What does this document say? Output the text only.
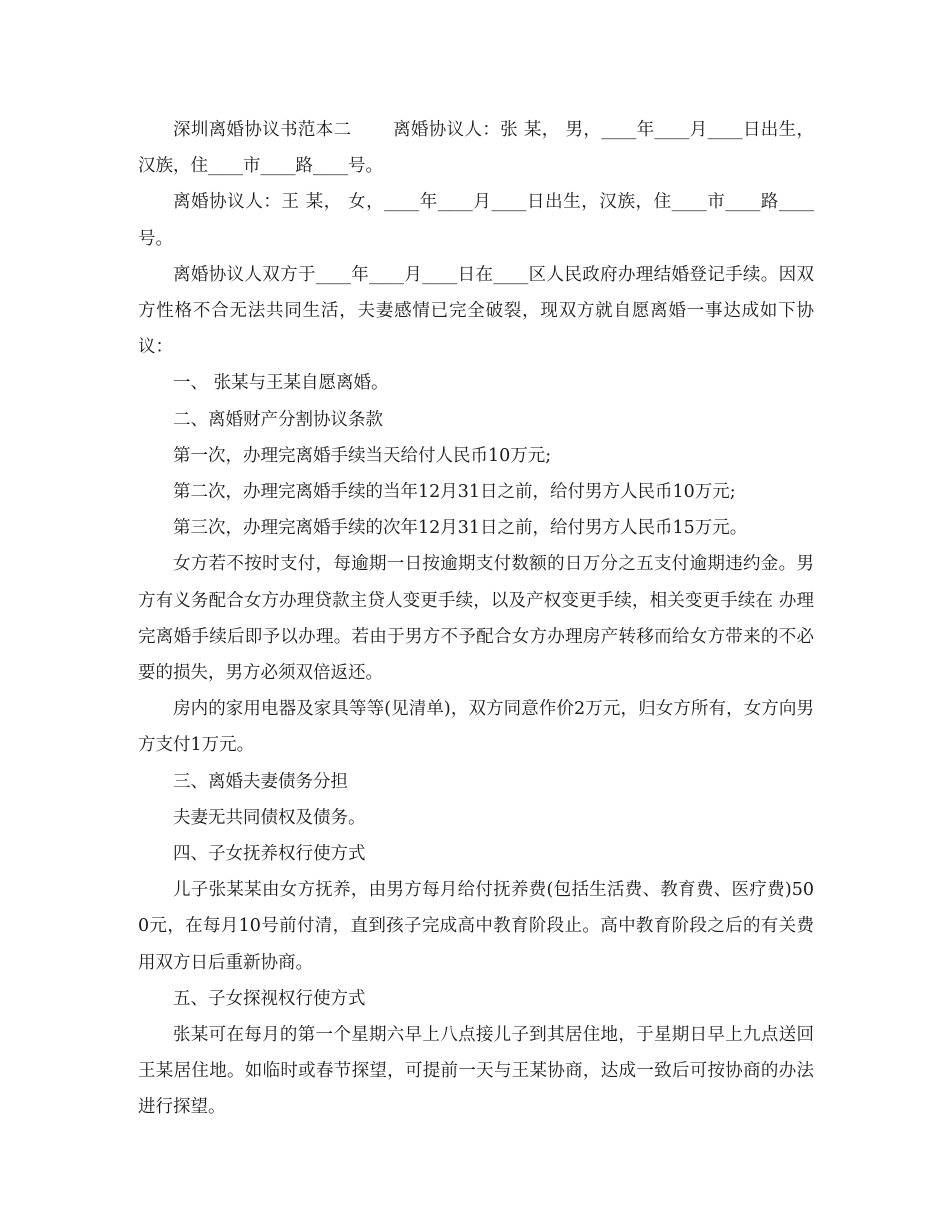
深圳离婚协议书范本二　　 离婚协议人：张 某， 男，____年____月____日出生，汉族，住____市____路____号。

离婚协议人：王 某， 女，____年____月____日出生，汉族，住____市____路____号。

离婚协议人双方于____年____月____日在____区人民政府办理结婚登记手续。因双方性格不合无法共同生活，夫妻感情已完全破裂，现双方就自愿离婚一事达成如下协议：

一、 张某与王某自愿离婚。

二、离婚财产分割协议条款

第一次，办理完离婚手续当天给付人民币10万元;

第二次，办理完离婚手续的当年12月31日之前，给付男方人民币10万元;

第三次，办理完离婚手续的次年12月31日之前，给付男方人民币15万元。

女方若不按时支付，每逾期一日按逾期支付数额的日万分之五支付逾期违约金。男方有义务配合女方办理贷款主贷人变更手续，以及产权变更手续，相关变更手续在 办理完离婚手续后即予以办理。若由于男方不予配合女方办理房产转移而给女方带来的不必要的损失，男方必须双倍返还。

房内的家用电器及家具等等(见清单)，双方同意作价2万元，归女方所有，女方向男方支付1万元。

三、离婚夫妻债务分担

夫妻无共同债权及债务。

四、子女抚养权行使方式

儿子张某某由女方抚养，由男方每月给付抚养费(包括生活费、教育费、医疗费)500元，在每月10号前付清，直到孩子完成高中教育阶段止。高中教育阶段之后的有关费用双方日后重新协商。

五、子女探视权行使方式

张某可在每月的第一个星期六早上八点接儿子到其居住地，于星期日早上九点送回王某居住地。如临时或春节探望，可提前一天与王某协商，达成一致后可按协商的办法进行探望。
